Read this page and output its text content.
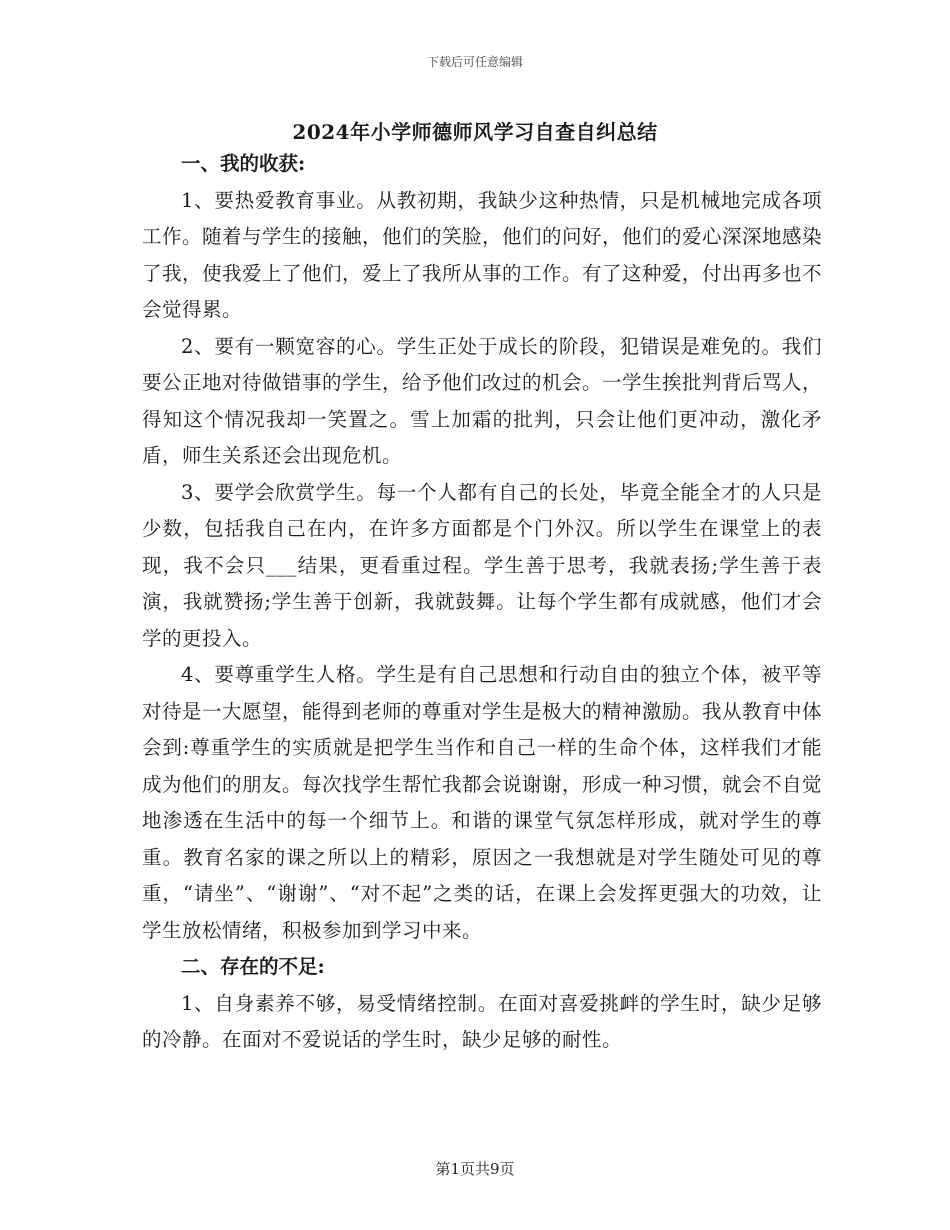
下载后可任意编辑
2024年小学师德师风学习自查自纠总结

一、我的收获:

1、要热爱教育事业。从教初期，我缺少这种热情，只是机械地完成各项工作。随着与学生的接触，他们的笑脸，他们的问好，他们的爱心深深地感染了我，使我爱上了他们，爱上了我所从事的工作。有了这种爱，付出再多也不会觉得累。

2、要有一颗宽容的心。学生正处于成长的阶段，犯错误是难免的。我们要公正地对待做错事的学生，给予他们改过的机会。一学生挨批判背后骂人，得知这个情况我却一笑置之。雪上加霜的批判，只会让他们更冲动，激化矛盾，师生关系还会出现危机。

3、要学会欣赏学生。每一个人都有自己的长处，毕竟全能全才的人只是少数，包括我自己在内，在许多方面都是个门外汉。所以学生在课堂上的表现，我不会只___结果，更看重过程。学生善于思考，我就表扬;学生善于表演，我就赞扬;学生善于创新，我就鼓舞。让每个学生都有成就感，他们才会学的更投入。

4、要尊重学生人格。学生是有自己思想和行动自由的独立个体，被平等对待是一大愿望，能得到老师的尊重对学生是极大的精神激励。我从教育中体会到:尊重学生的实质就是把学生当作和自己一样的生命个体，这样我们才能成为他们的朋友。每次找学生帮忙我都会说谢谢，形成一种习惯，就会不自觉地渗透在生活中的每一个细节上。和谐的课堂气氛怎样形成，就对学生的尊重。教育名家的课之所以上的精彩，原因之一我想就是对学生随处可见的尊重，“请坐”、“谢谢”、“对不起”之类的话，在课上会发挥更强大的功效，让学生放松情绪，积极参加到学习中来。

二、存在的不足:

1、自身素养不够，易受情绪控制。在面对喜爱挑衅的学生时，缺少足够的冷静。在面对不爱说话的学生时，缺少足够的耐性。

第1页共9页
